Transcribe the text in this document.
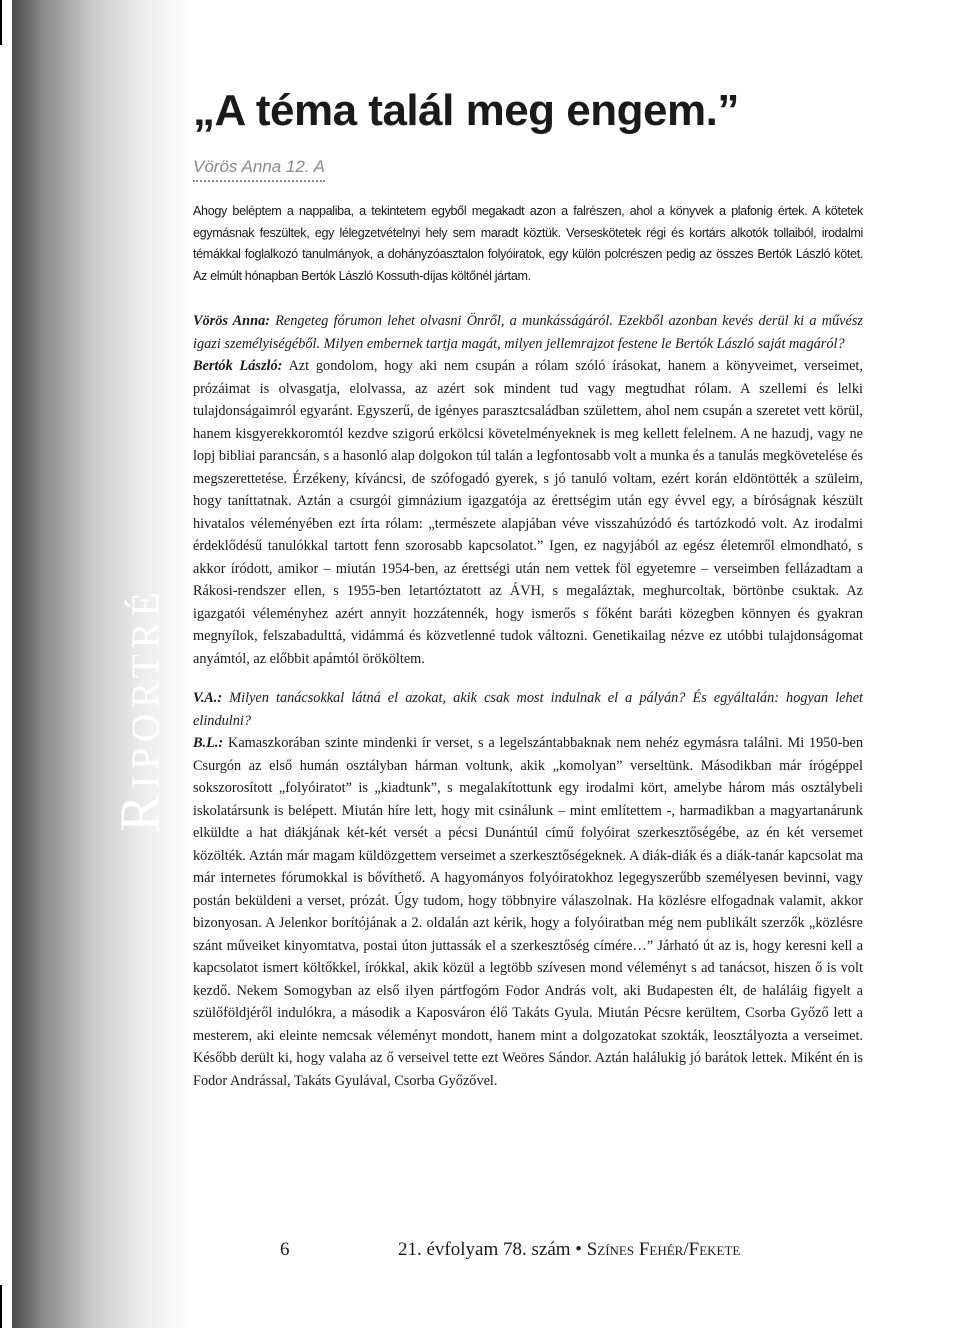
Riportré
„A téma talál meg engem.”
Vörös Anna 12. A
Ahogy beléptem a nappaliba, a tekintetem egyből megakadt azon a falrészen, ahol a könyvek a plafonig értek. A kötetek egymásnak feszültek, egy lélegzetvételnyi hely sem maradt köztük. Verseskötetek régi és kortárs alkotók tollaiból, irodalmi témákkal foglalkozó tanulmányok, a dohányzóasztalon folyóiratok, egy külön polcrészen pedig az összes Bertók László kötet. Az elmúlt hónapban Bertók László Kossuth-díjas költőnél jártam.

Vörös Anna: Rengeteg fórumon lehet olvasni Önről, a munkásságáról. Ezekből azonban kevés derül ki a művész igazi személyiségéből. Milyen embernek tartja magát, milyen jellemrajzot festene le Bertók László saját magáról?

Bertók László: Azt gondolom, hogy aki nem csupán a rólam szóló írásokat, hanem a könyveimet, verseimet, prózáimat is olvasgatja, elolvassa, az azért sok mindent tud vagy megtudhat rólam. A szellemi és lelki tulajdonságaimról egyaránt. Egyszerű, de igényes parasztcsaládban születtem, ahol nem csupán a szeretet vett körül, hanem kisgyerekkoromtól kezdve szigorú erkölcsi követelményeknek is meg kellett felelnem. A ne hazudj, vagy ne lopj bibliai parancsán, s a hasonló alap dolgokon túl talán a legfontosabb volt a munka és a tanulás megkövetelése és megszerettetése. Érzékeny, kíváncsi, de szófogadó gyerek, s jó tanuló voltam, ezért korán eldöntötték a szüleim, hogy taníttatnak. Aztán a csurgói gimnázium igazgatója az érettségim után egy évvel egy, a bíróságnak készült hivatalos véleményében ezt írta rólam: „természete alapjában véve visszahúzódó és tartózkodó volt. Az irodalmi érdeklődésű tanulókkal tartott fenn szorosabb kapcsolatot.” Igen, ez nagyjából az egész életemről elmondható, s akkor íródott, amikor – miután 1954-ben, az érettségi után nem vettek föl egyetemre – verseimben fellázadtam a Rákosi-rendszer ellen, s 1955-ben letartóztatott az ÁVH, s megaláztak, meghurcoltak, börtönbe csuktak. Az igazgatói véleményhez azért annyit hozzátennék, hogy ismerős s főként baráti közegben könnyen és gyakran megnyílok, felszabadulttá, vidámmá és közvetlenné tudok változni. Genetikailag nézve ez utóbbi tulajdonságomat anyámtól, az előbbit apámtól örököltem.

V.A.: Milyen tanácsokkal látná el azokat, akik csak most indulnak el a pályán? És egyáltalán: hogyan lehet elindulni?

B.L.: Kamaszkorában szinte mindenki ír verset, s a legelszántabbaknak nem nehéz egymásra találni. Mi 1950-ben Csurgón az első humán osztályban hárman voltunk, akik „komolyan” verseltünk. Másodikban már írógéppel sokszorosított „folyóiratot” is „kiadtunk”, s megalakítottunk egy irodalmi kört, amelybe három más osztálybeli iskolatársunk is belépett. Miután híre lett, hogy mit csinálunk – mint említettem -, harmadikban a magyartanárunk elküldte a hat diákjának két-két versét a pécsi Dunántúl című folyóirat szerkesztőségébe, az én két versemet közölték. Aztán már magam küldözgettem verseimet a szerkesztőségeknek. A diák-diák és a diák-tanár kapcsolat ma már internetes fórumokkal is bővíthető. A hagyományos folyóiratokhoz legegyszerűbb személyesen bevinni, vagy postán beküldeni a verset, prózát. Úgy tudom, hogy többnyire válaszolnak. Ha közlésre elfogadnak valamit, akkor bizonyosan. A Jelenkor borítójának a 2. oldalán azt kérik, hogy a folyóiratban még nem publikált szerzők „közlésre szánt műveiket kinyomtatva, postai úton juttassák el a szerkesztőség címére…” Járható út az is, hogy keresni kell a kapcsolatot ismert költőkkel, írókkal, akik közül a legtöbb szívesen mond véleményt s ad tanácsot, hiszen ő is volt kezdő. Nekem Somogyban az első ilyen pártfogóm Fodor András volt, aki Budapesten élt, de haláláig figyelt a szülőföldjéről indulókra, a második a Kaposváron élő Takáts Gyula. Miután Pécsre kerültem, Csorba Győző lett a mesterem, aki eleinte nemcsak véleményt mondott, hanem mint a dolgozatokat szokták, leosztályozta a verseimet. Később derült ki, hogy valaha az ő verseivel tette ezt Weöres Sándor. Aztán halálukig jó barátok lettek. Miként én is Fodor Andrással, Takáts Gyulával, Csorba Győzővel.

6	21. évfolyam 78. szám • Színes Fehér/Fekete
